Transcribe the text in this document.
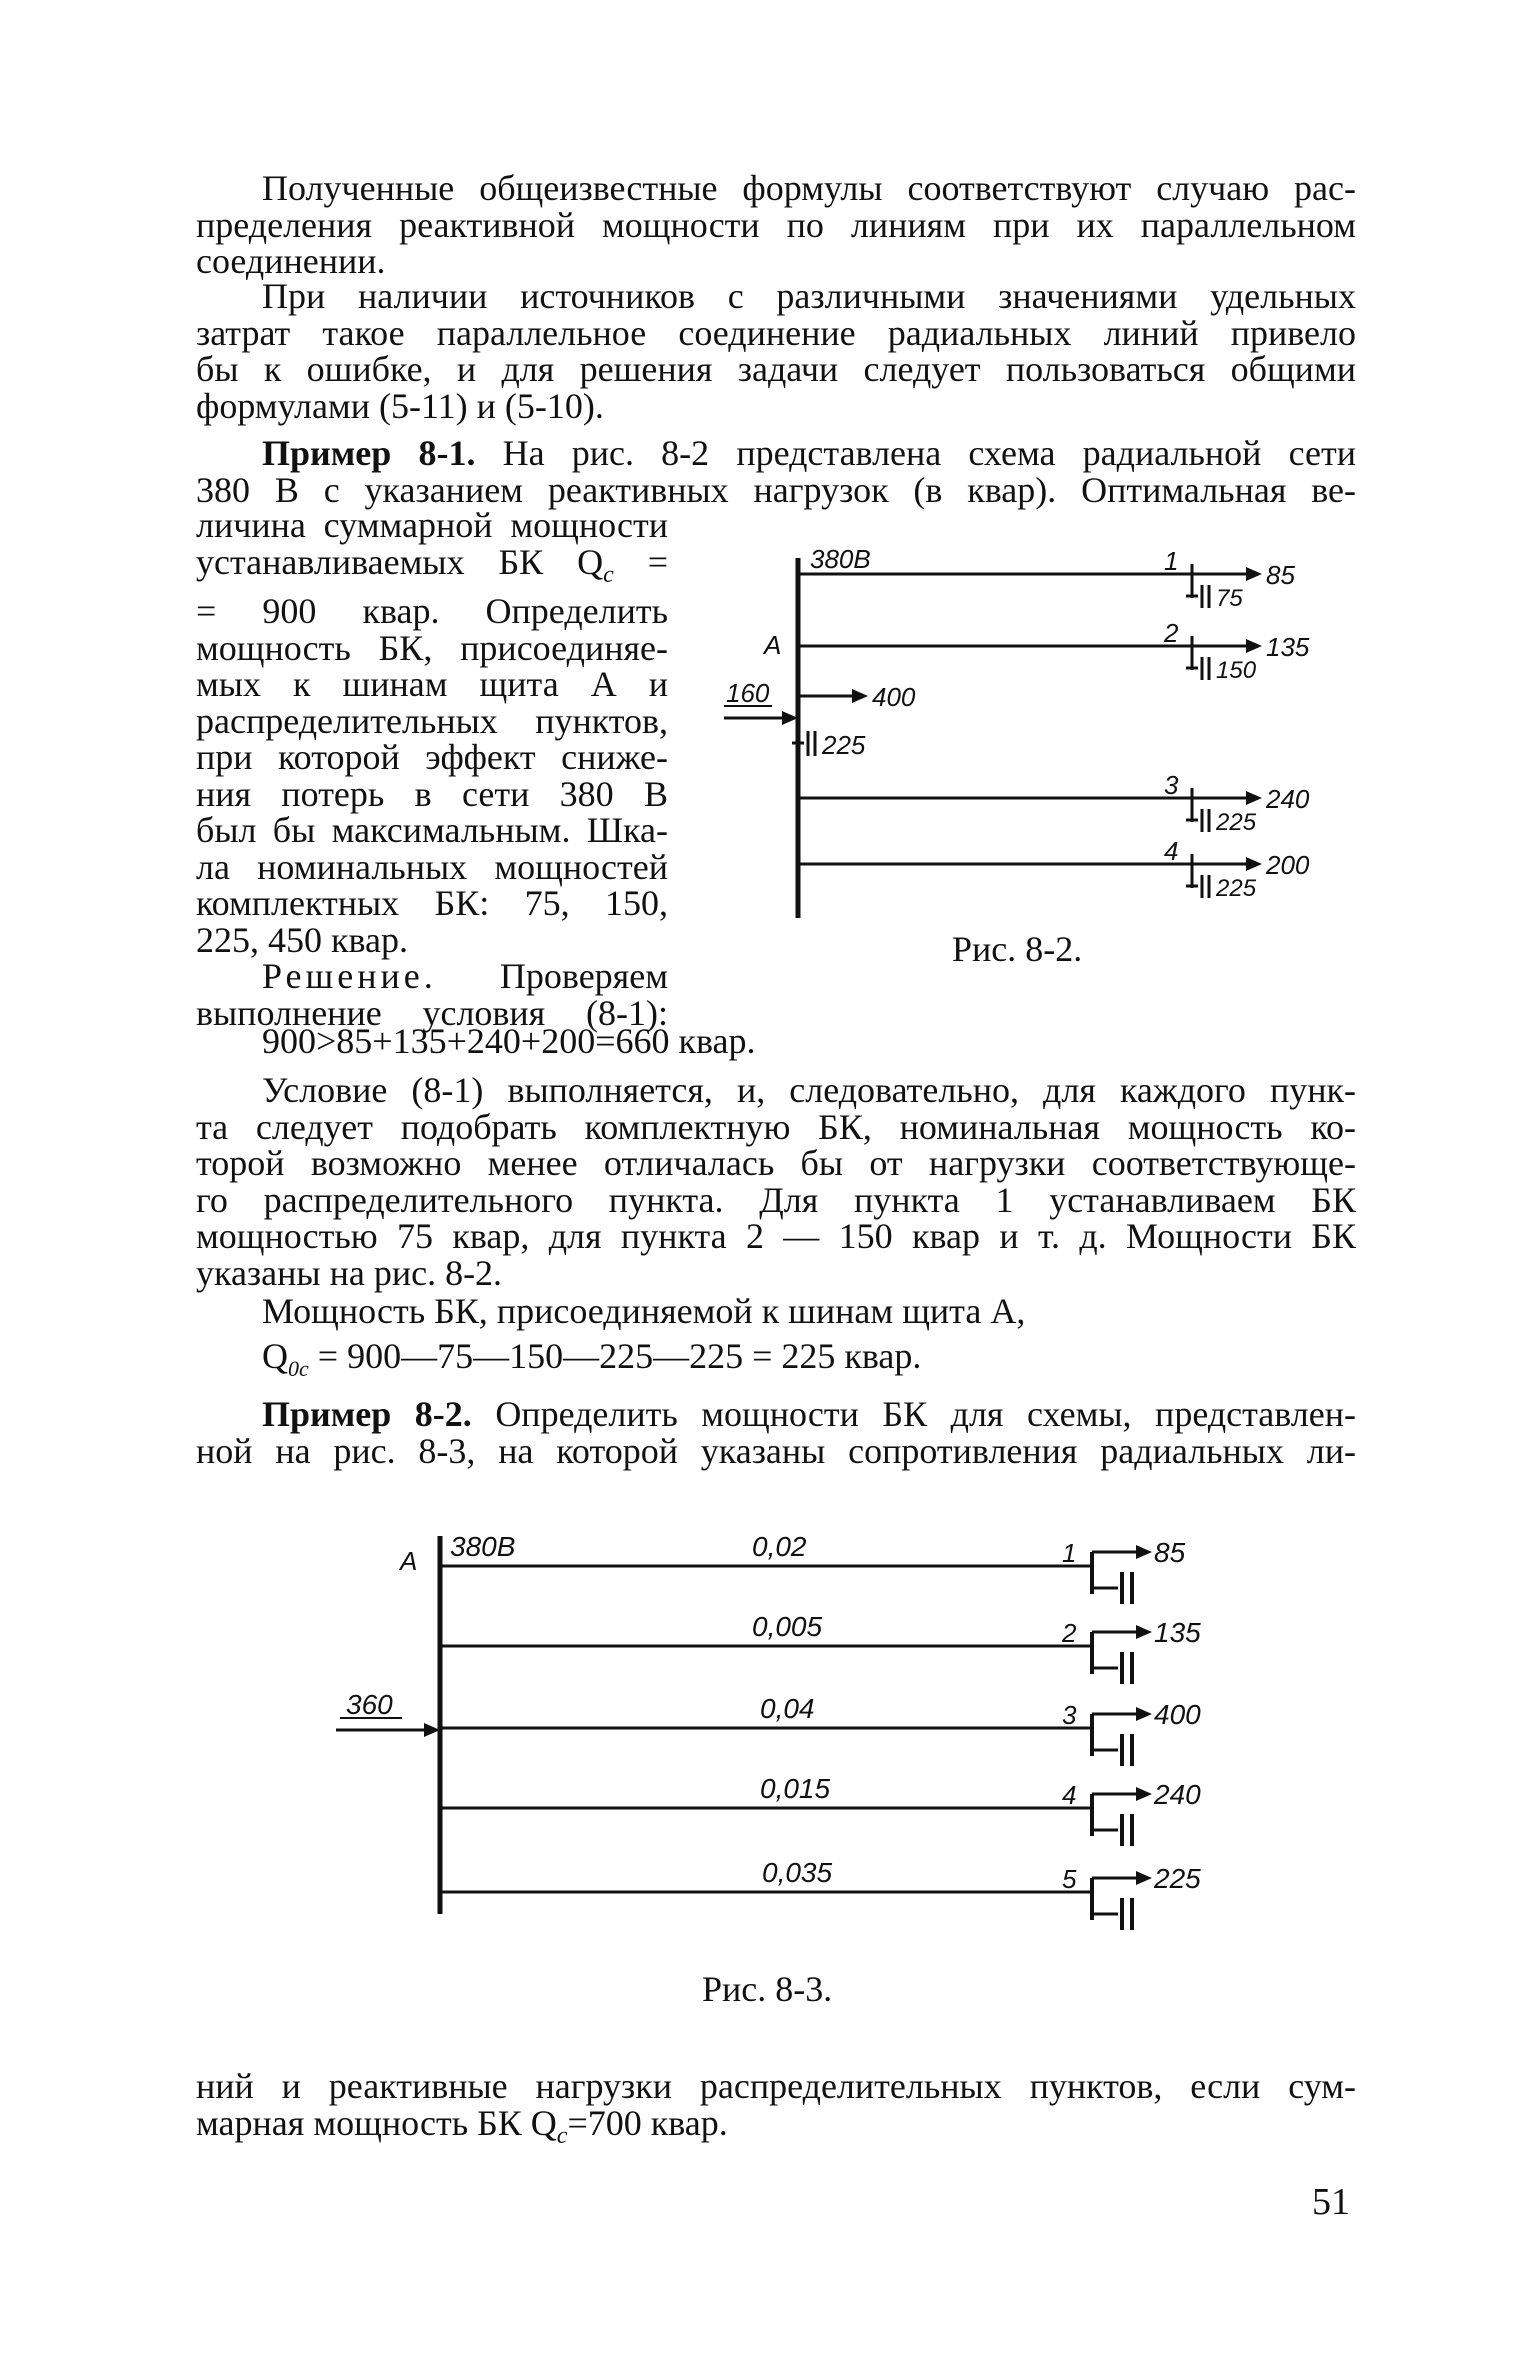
Полученные общеизвестные формулы соответствуют случаю рас-
пределения реактивной мощности по линиям при их параллельном
соединении.

При наличии источников с различными значениями удельных
затрат такое параллельное соединение радиальных линий привело
бы к ошибке, и для решения задачи следует пользоваться общими
формулами (5-11) и (5-10).

Пример 8-1. На рис. 8-2 представлена схема радиальной сети
380 В с указанием реактивных нагрузок (в квар). Оптимальная ве-

личина суммарной мощности
устанавливаемых БК $Q_с$ =
= 900 квар. Определить
мощность БК, присоединяе-
мых к шинам щита А и
распределительных пунктов,
при которой эффект сниже-
ния потерь в сети 380 В
был бы максимальным. Шка-
ла номинальных мощностей
комплектных БК: 75, 150,
225, 450 квар.
Решение. Проверяем
выполнение условия (8-1):

900>85+135+240+200=660 квар.

Условие (8-1) выполняется, и, следовательно, для каждого пунк-
та следует подобрать комплектную БК, номинальная мощность ко-
торой возможно менее отличалась бы от нагрузки соответствующе-
го распределительного пункта. Для пункта 1 устанавливаем БК
мощностью 75 квар, для пункта 2 — 150 квар и т. д. Мощности БК
указаны на рис. 8-2.

Мощность БК, присоединяемой к шинам щита А,

$Q_{0с}$ = 900—75—150—225—225 = 225 квар.

Пример 8-2. Определить мощности БК для схемы, представлен-
ной на рис. 8-3, на которой указаны сопротивления радиальных ли-

ний и реактивные нагрузки распределительных пунктов, если сум-
марная мощность БК $Q_с=700$ квар.

Рис. 8-2.

Рис. 8-3.

51
380В
А
160	400
225
1	85
75
2	135
150
3	240
225
4	200
225
380В
А
360
0,02	1	85
0,005	2	135
0,04	3	400
0,015	4	240
0,035	5	225
